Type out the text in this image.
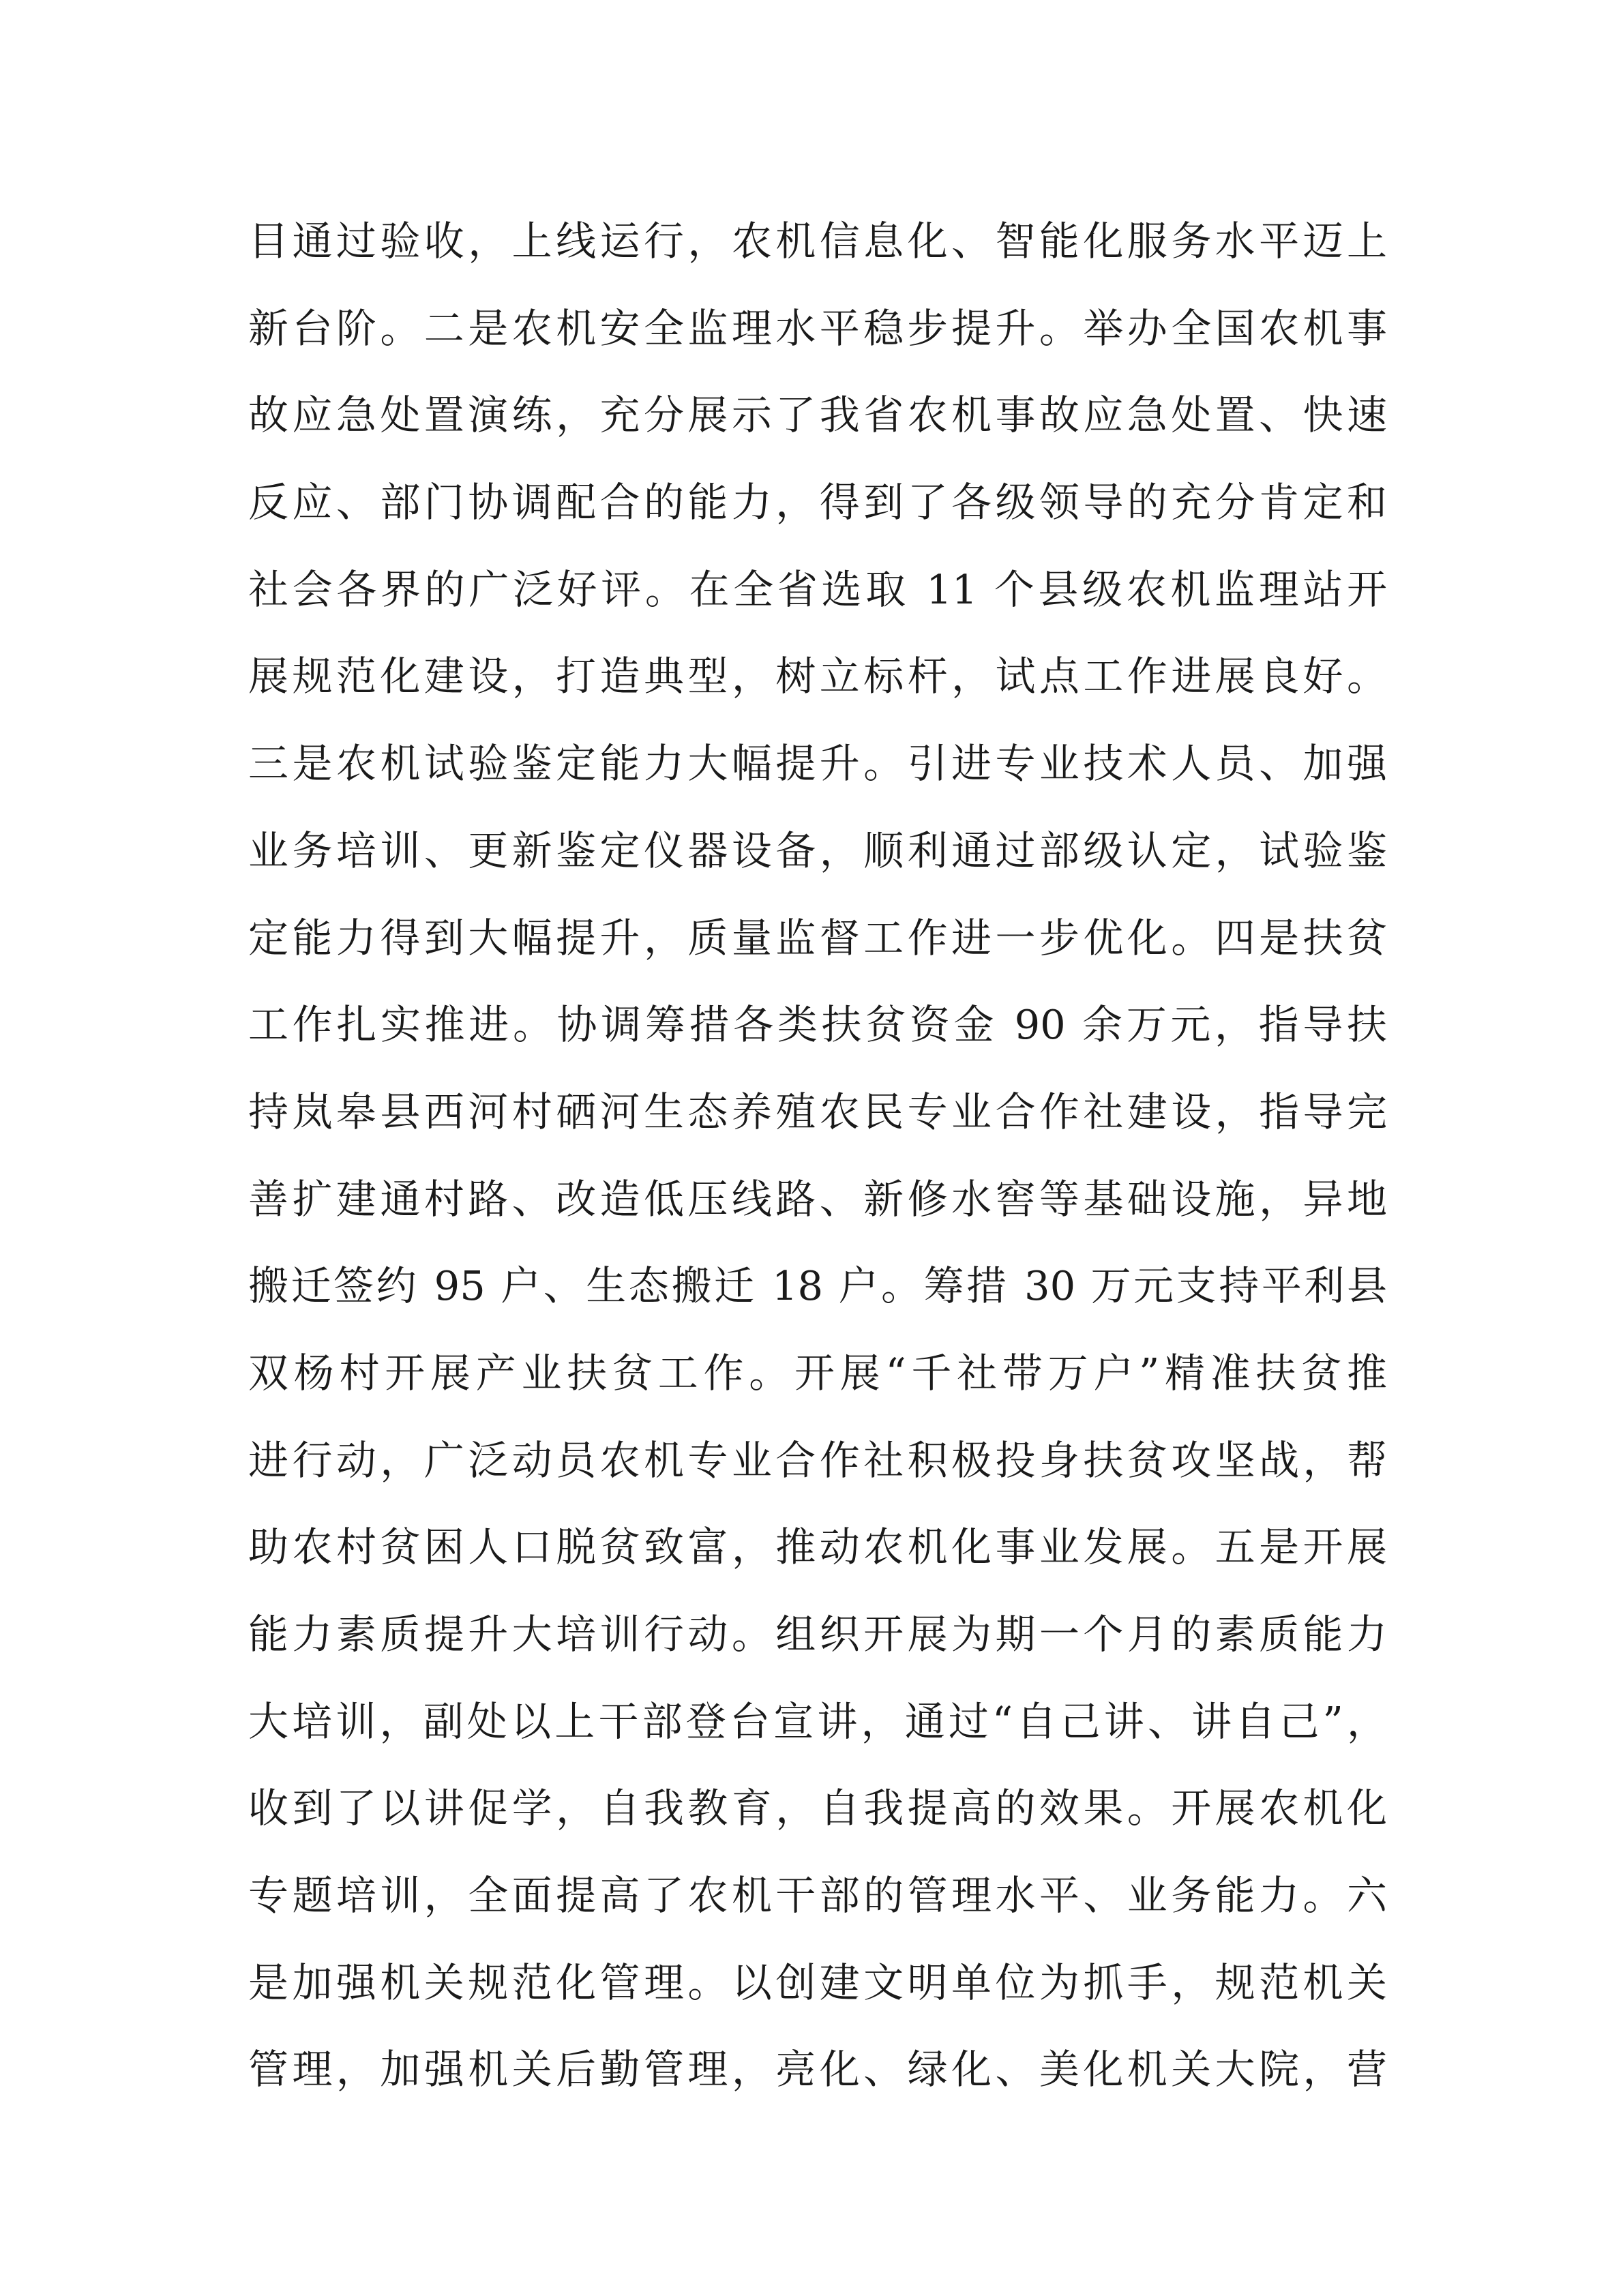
目通过验收，上线运行，农机信息化、智能化服务水平迈上
新台阶。二是农机安全监理水平稳步提升。举办全国农机事
故应急处置演练，充分展示了我省农机事故应急处置、快速
反应、部门协调配合的能力，得到了各级领导的充分肯定和
社会各界的广泛好评。在全省选取 11 个县级农机监理站开
展规范化建设，打造典型，树立标杆，试点工作进展良好。
三是农机试验鉴定能力大幅提升。引进专业技术人员、加强
业务培训、更新鉴定仪器设备，顺利通过部级认定，试验鉴
定能力得到大幅提升，质量监督工作进一步优化。四是扶贫
工作扎实推进。协调筹措各类扶贫资金 90 余万元，指导扶
持岚皋县西河村硒河生态养殖农民专业合作社建设，指导完
善扩建通村路、改造低压线路、新修水窖等基础设施，异地
搬迁签约 95 户、生态搬迁 18 户。筹措 30 万元支持平利县
双杨村开展产业扶贫工作。开展“千社带万户”精准扶贫推
进行动，广泛动员农机专业合作社积极投身扶贫攻坚战，帮
助农村贫困人口脱贫致富，推动农机化事业发展。五是开展
能力素质提升大培训行动。组织开展为期一个月的素质能力
大培训，副处以上干部登台宣讲，通过“自己讲、讲自己”，
收到了以讲促学，自我教育，自我提高的效果。开展农机化
专题培训，全面提高了农机干部的管理水平、业务能力。六
是加强机关规范化管理。以创建文明单位为抓手，规范机关
管理，加强机关后勤管理，亮化、绿化、美化机关大院，营
